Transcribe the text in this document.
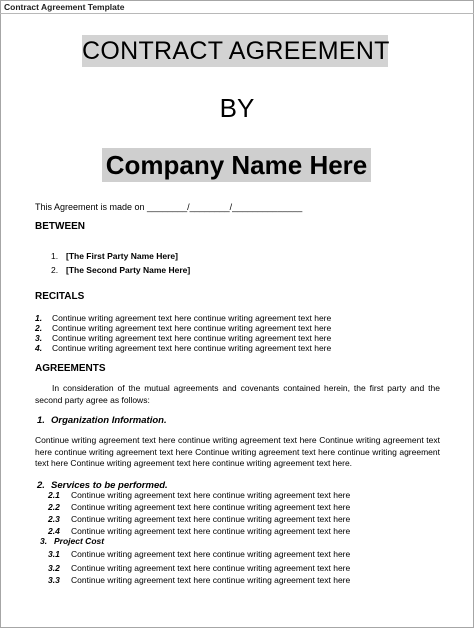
Contract Agreement Template
CONTRACT AGREEMENT
BY
Company Name Here
This Agreement is made on ________/________/______________
BETWEEN
1. [The First Party Name Here]
2. [The Second Party Name Here]
RECITALS
1. Continue writing agreement text here continue writing agreement text here
2. Continue writing agreement text here continue writing agreement text here
3. Continue writing agreement text here continue writing agreement text here
4. Continue writing agreement text here continue writing agreement text here
AGREEMENTS
In consideration of the mutual agreements and covenants contained herein, the first party and the second party agree as follows:
1. Organization Information.
Continue writing agreement text here continue writing agreement text here Continue writing agreement text here continue writing agreement text here Continue writing agreement text here continue writing agreement text here Continue writing agreement text here continue writing agreement text here.
2. Services to be performed.
2.1 Continue writing agreement text here continue writing agreement text here
2.2 Continue writing agreement text here continue writing agreement text here
2.3 Continue writing agreement text here continue writing agreement text here
2.4 Continue writing agreement text here continue writing agreement text here
3. Project Cost
3.1 Continue writing agreement text here continue writing agreement text here
3.2 Continue writing agreement text here continue writing agreement text here
3.3 Continue writing agreement text here continue writing agreement text here
